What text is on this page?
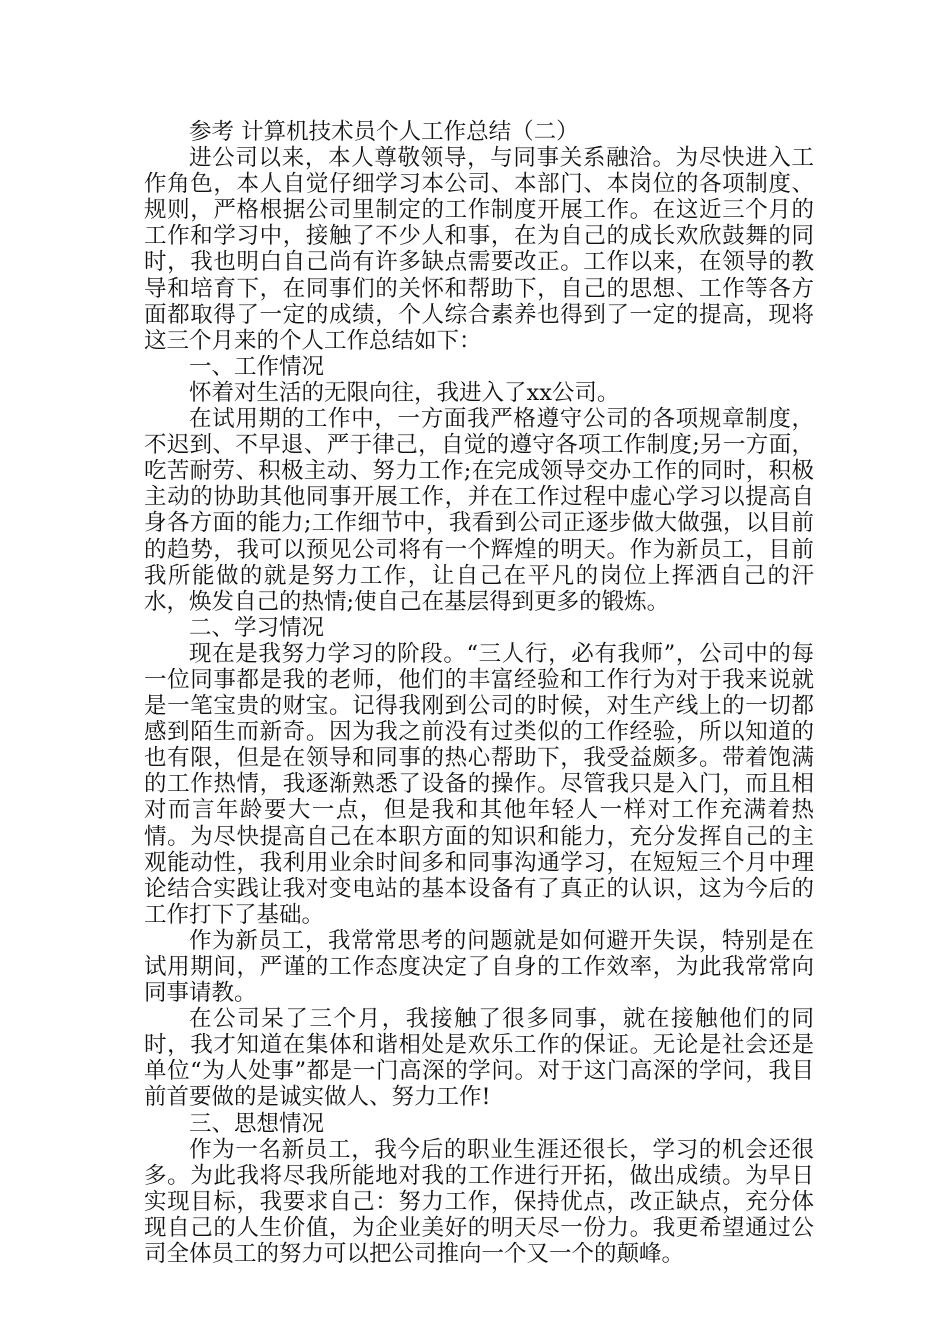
参考 计算机技术员个人工作总结（二）

进公司以来，本人尊敬领导，与同事关系融洽。为尽快进入工作角色，本人自觉仔细学习本公司、本部门、本岗位的各项制度、规则，严格根据公司里制定的工作制度开展工作。在这近三个月的工作和学习中，接触了不少人和事，在为自己的成长欢欣鼓舞的同时，我也明白自己尚有许多缺点需要改正。工作以来，在领导的教导和培育下，在同事们的关怀和帮助下，自己的思想、工作等各方面都取得了一定的成绩，个人综合素养也得到了一定的提高，现将这三个月来的个人工作总结如下：

一、工作情况

怀着对生活的无限向往，我进入了xx公司。

在试用期的工作中，一方面我严格遵守公司的各项规章制度，不迟到、不早退、严于律己，自觉的遵守各项工作制度;另一方面，吃苦耐劳、积极主动、努力工作;在完成领导交办工作的同时，积极主动的协助其他同事开展工作，并在工作过程中虚心学习以提高自身各方面的能力;工作细节中，我看到公司正逐步做大做强，以目前的趋势，我可以预见公司将有一个辉煌的明天。作为新员工，目前我所能做的就是努力工作，让自己在平凡的岗位上挥洒自己的汗水，焕发自己的热情;使自己在基层得到更多的锻炼。

二、学习情况

现在是我努力学习的阶段。“三人行，必有我师”，公司中的每一位同事都是我的老师，他们的丰富经验和工作行为对于我来说就是一笔宝贵的财宝。记得我刚到公司的时候，对生产线上的一切都感到陌生而新奇。因为我之前没有过类似的工作经验，所以知道的也有限，但是在领导和同事的热心帮助下，我受益颇多。带着饱满的工作热情，我逐渐熟悉了设备的操作。尽管我只是入门，而且相对而言年龄要大一点，但是我和其他年轻人一样对工作充满着热情。为尽快提高自己在本职方面的知识和能力，充分发挥自己的主观能动性，我利用业余时间多和同事沟通学习，在短短三个月中理论结合实践让我对变电站的基本设备有了真正的认识，这为今后的工作打下了基础。

作为新员工，我常常思考的问题就是如何避开失误，特别是在试用期间，严谨的工作态度决定了自身的工作效率，为此我常常向同事请教。

在公司呆了三个月，我接触了很多同事，就在接触他们的同时，我才知道在集体和谐相处是欢乐工作的保证。无论是社会还是单位“为人处事”都是一门高深的学问。对于这门高深的学问，我目前首要做的是诚实做人、努力工作!

三、思想情况

作为一名新员工，我今后的职业生涯还很长，学习的机会还很多。为此我将尽我所能地对我的工作进行开拓，做出成绩。为早日实现目标，我要求自己：努力工作，保持优点，改正缺点，充分体现自己的人生价值，为企业美好的明天尽一份力。我更希望通过公司全体员工的努力可以把公司推向一个又一个的颠峰。
